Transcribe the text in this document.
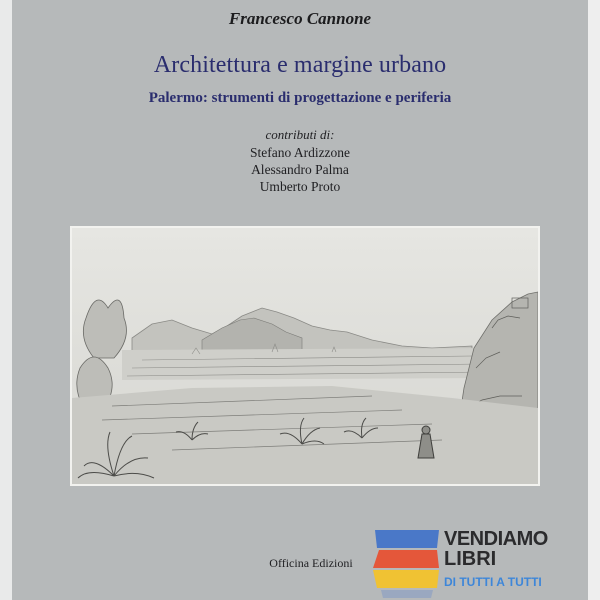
Francesco Cannone
Architettura e margine urbano
Palermo: strumenti di progettazione e periferia
contributi di:
Stefano Ardizzone
Alessandro Palma
Umberto Proto
Officina Edizioni
VENDIAMO
LIBRI
DI TUTTI A TUTTI
